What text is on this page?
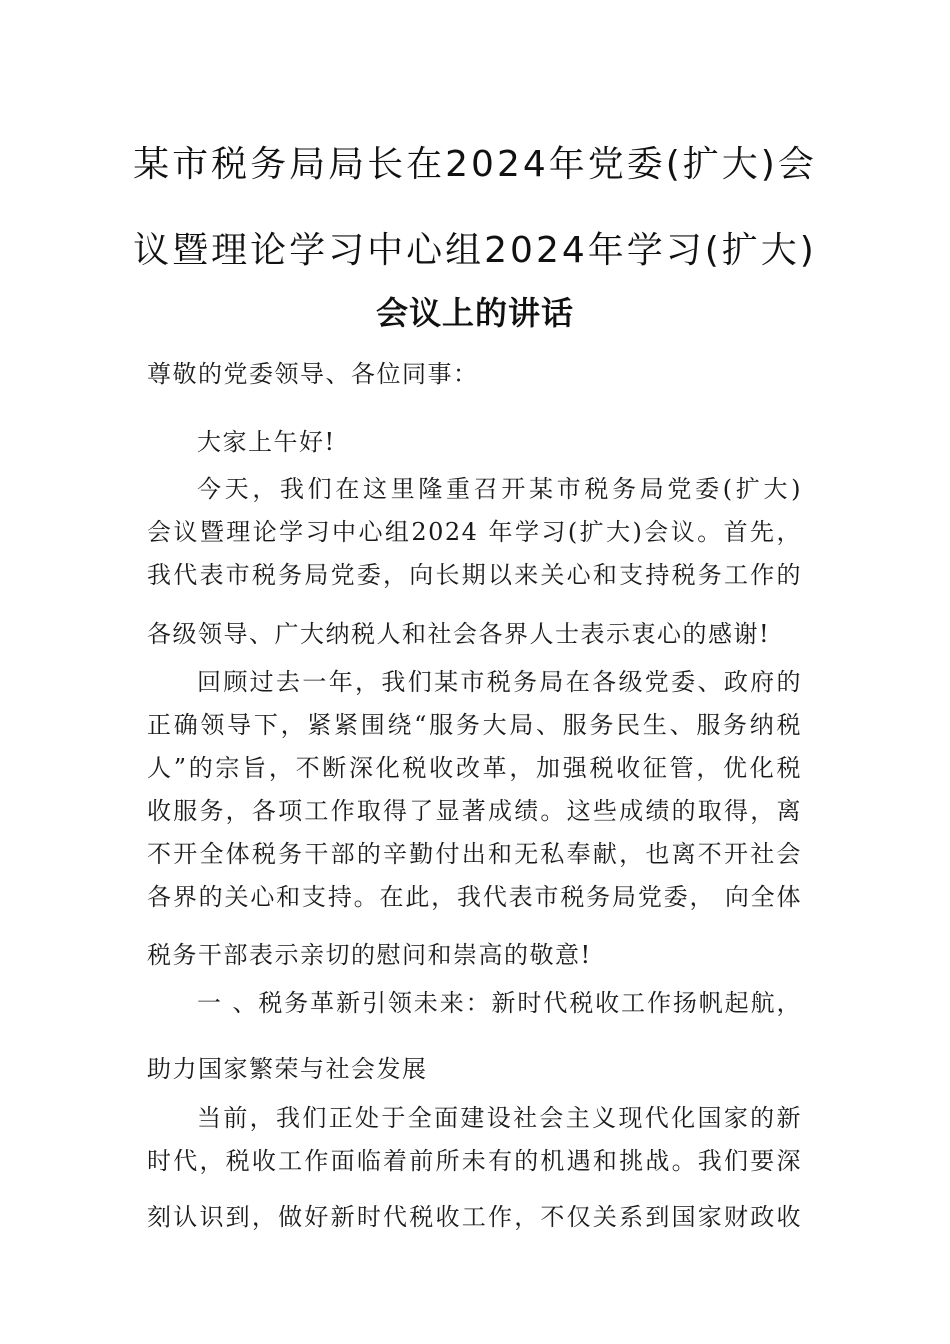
某市税务局局长在2024年党委(扩大)会
议暨理论学习中心组2024年学习(扩大)
会议上的讲话
尊敬的党委领导、各位同事：
大家上午好!
今天，我们在这里隆重召开某市税务局党委(扩大)
会议暨理论学习中心组2024 年学习(扩大)会议。首先，
我代表市税务局党委，向长期以来关心和支持税务工作的
各级领导、广大纳税人和社会各界人士表示衷心的感谢!
回顾过去一年，我们某市税务局在各级党委、政府的
正确领导下，紧紧围绕“服务大局、服务民生、服务纳税
人”的宗旨，不断深化税收改革，加强税收征管，优化税
收服务，各项工作取得了显著成绩。这些成绩的取得，离
不开全体税务干部的辛勤付出和无私奉献，也离不开社会
各界的关心和支持。在此，我代表市税务局党委， 向全体
税务干部表示亲切的慰问和崇高的敬意!
一 、税务革新引领未来：新时代税收工作扬帆起航，
助力国家繁荣与社会发展
当前，我们正处于全面建设社会主义现代化国家的新
时代，税收工作面临着前所未有的机遇和挑战。我们要深
刻认识到，做好新时代税收工作，不仅关系到国家财政收
